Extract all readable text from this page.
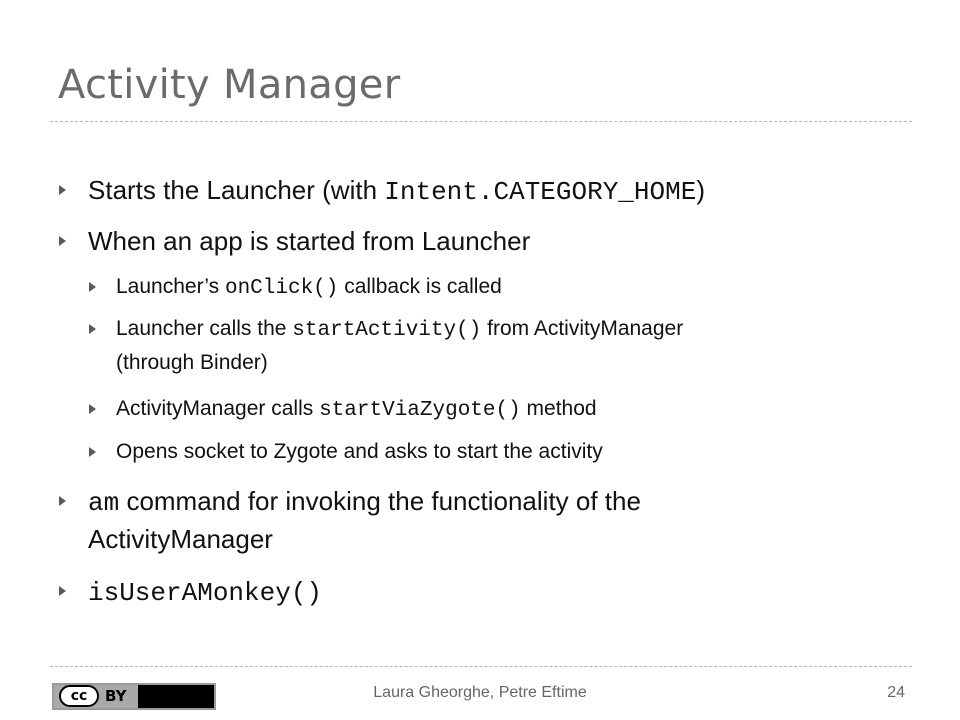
Activity Manager
Starts the Launcher (with Intent.CATEGORY_HOME)
When an app is started from Launcher
Launcher’s onClick() callback is called
Launcher calls the startActivity() from ActivityManager
(through Binder)
ActivityManager calls startViaZygote() method
Opens socket to Zygote and asks to start the activity
am command for invoking the functionality of the
ActivityManager
isUserAMonkey()
cc	BY	Laura Gheorghe, Petre Eftime	24
